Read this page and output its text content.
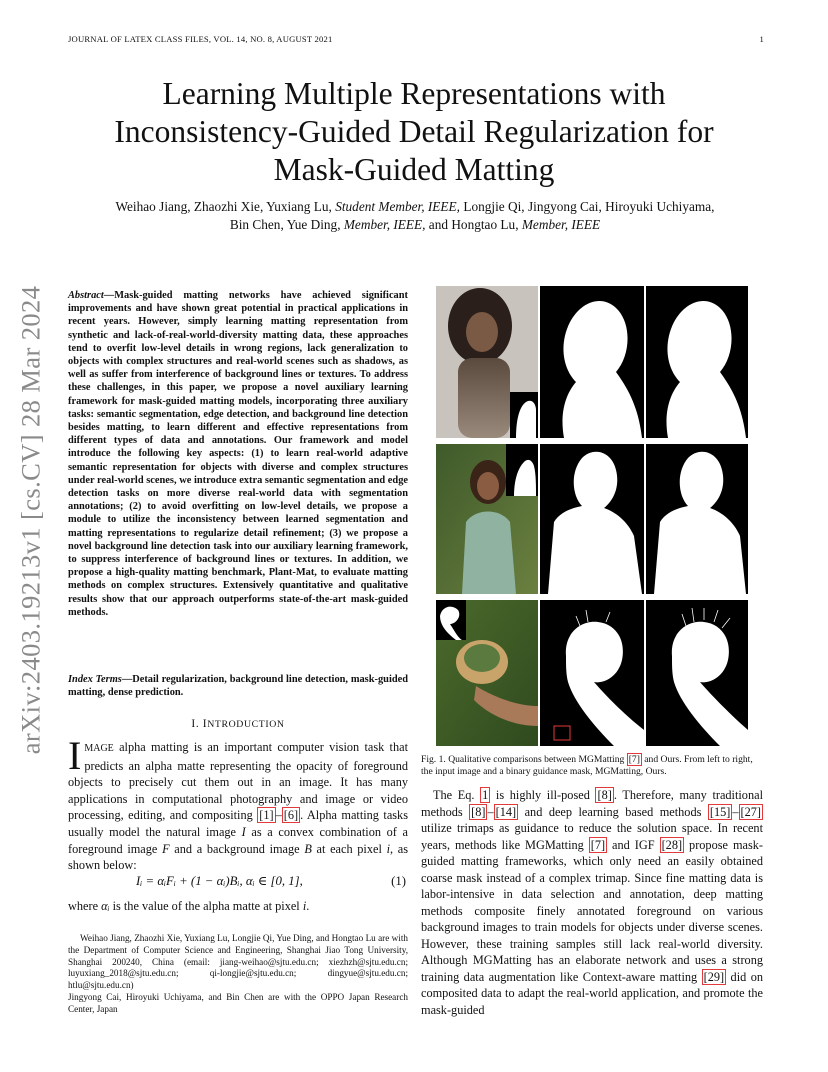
JOURNAL OF LATEX CLASS FILES, VOL. 14, NO. 8, AUGUST 2021	1
arXiv:2403.19213v1 [cs.CV] 28 Mar 2024
Learning Multiple Representations with
Inconsistency-Guided Detail Regularization for
Mask-Guided Matting
Weihao Jiang, Zhaozhi Xie, Yuxiang Lu, Student Member, IEEE, Longjie Qi, Jingyong Cai, Hiroyuki Uchiyama,
Bin Chen, Yue Ding, Member, IEEE, and Hongtao Lu, Member, IEEE
Abstract—Mask-guided matting networks have achieved significant improvements and have shown great potential in practical applications in recent years. However, simply learning matting representation from synthetic and lack-of-real-world-diversity matting data, these approaches tend to overfit low-level details in wrong regions, lack generalization to objects with complex structures and real-world scenes such as shadows, as well as suffer from interference of background lines or textures. To address these challenges, in this paper, we propose a novel auxiliary learning framework for mask-guided matting models, incorporating three auxiliary tasks: semantic segmentation, edge detection, and background line detection besides matting, to learn different and effective representations from different types of data and annotations. Our framework and model introduce the following key aspects: (1) to learn real-world adaptive semantic representation for objects with diverse and complex structures under real-world scenes, we introduce extra semantic segmentation and edge detection tasks on more diverse real-world data with segmentation annotations; (2) to avoid overfitting on low-level details, we propose a module to utilize the inconsistency between learned segmentation and matting representations to regularize detail refinement; (3) we propose a novel background line detection task into our auxiliary learning framework, to suppress interference of background lines or textures. In addition, we propose a high-quality matting benchmark, Plant-Mat, to evaluate matting methods on complex structures. Extensively quantitative and qualitative results show that our approach outperforms state-of-the-art mask-guided methods.
Index Terms—Detail regularization, background line detection, mask-guided matting, dense prediction.
I. INTRODUCTION
IMAGE alpha matting is an important computer vision task that predicts an alpha matte representing the opacity of foreground objects to precisely cut them out in an image. It has many applications in computational photography and image or video processing, editing, and compositing [1] – [6] . Alpha matting tasks usually model the natural image I as a convex combination of a foreground image F and a background image B at each pixel i, as shown below:
Iᵢ = αᵢFᵢ + (1 − αᵢ)Bᵢ, αᵢ ∈ [0, 1],	(1)
where αᵢ is the value of the alpha matte at pixel i.

Weihao Jiang, Zhaozhi Xie, Yuxiang Lu, Longjie Qi, Yue Ding, and Hongtao Lu are with the Department of Computer Science and Engineering, Shanghai Jiao Tong University, Shanghai 200240, China (email: jiang-weihao@sjtu.edu.cn; xiezhzh@sjtu.edu.cn; luyuxiang_2018@sjtu.edu.cn; qi-longjie@sjtu.edu.cn; dingyue@sjtu.edu.cn; htlu@sjtu.edu.cn)

Jingyong Cai, Hiroyuki Uchiyama, and Bin Chen are with the OPPO Japan Research Center, Japan

Fig. 1. Qualitative comparisons between MGMatting [7] and Ours. From left to right, the input image and a binary guidance mask, MGMatting, Ours.
The Eq. 1 is highly ill-posed [8] . Therefore, many traditional methods [8] – [14] and deep learning based methods [15] – [27] utilize trimaps as guidance to reduce the solution space. In recent years, methods like MGMatting [7] and IGF [28] propose mask-guided matting frameworks, which only need an easily obtained coarse mask instead of a complex trimap. Since fine matting data is labor-intensive in data selection and annotation, deep matting methods composite finely annotated foreground on various background images to train models for objects under diverse scenes. However, these training samples still lack real-world diversity. Although MGMatting has an elaborate network and uses a strong training data augmentation like Context-aware matting [29] did on composited data to adapt the real-world application, and promote the mask-guided
